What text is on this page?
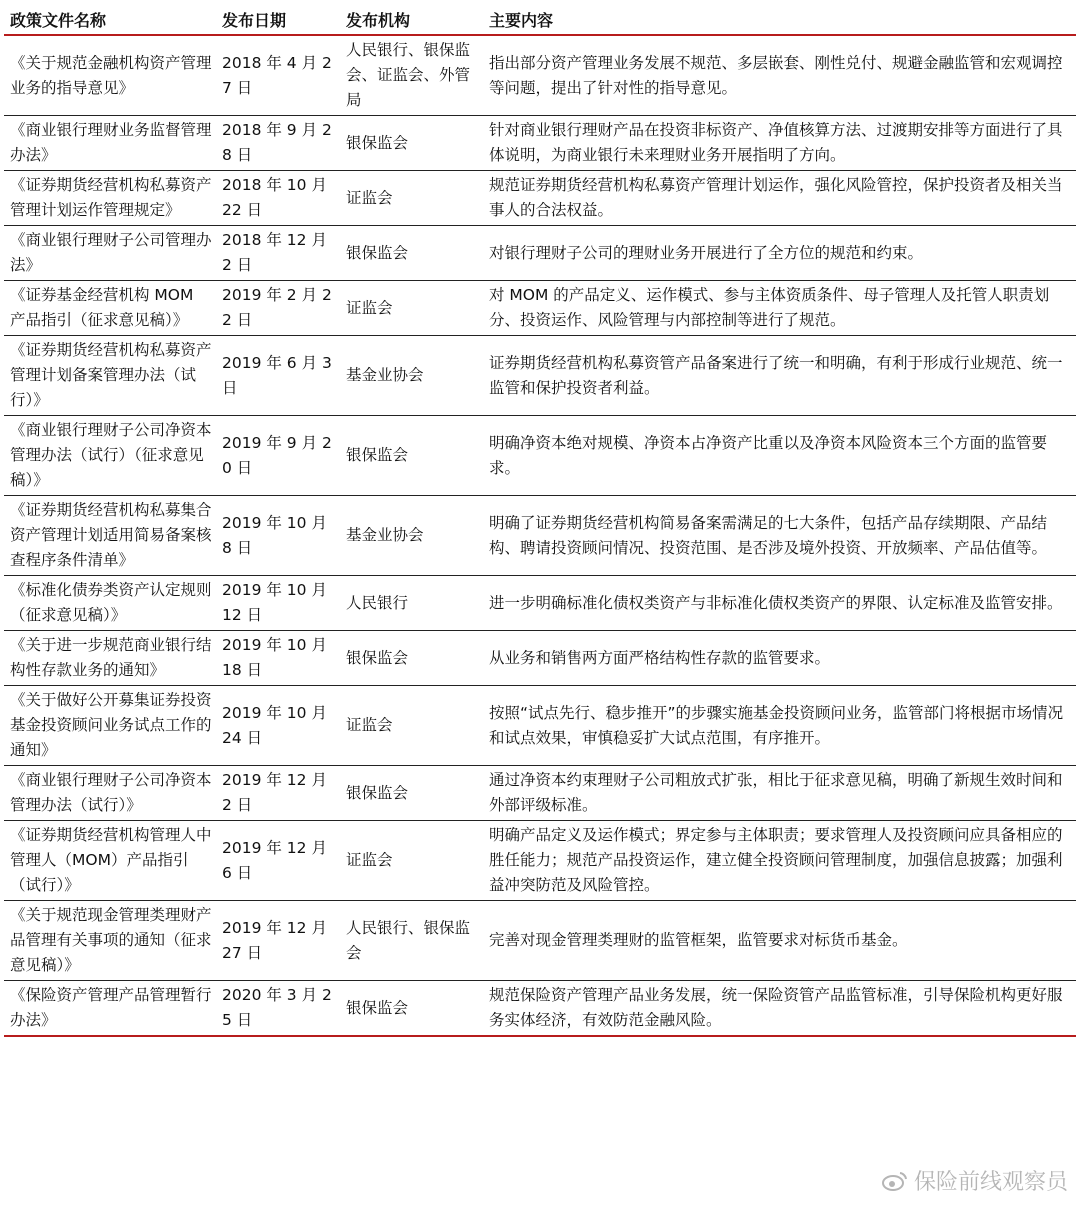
政策文件名称	发布日期	发布机构	主要内容
《关于规范金融机构资产管理业务的指导意见》	2018 年 4 月 27 日	人民银行、银保监会、证监会、外管局	指出部分资产管理业务发展不规范、多层嵌套、刚性兑付、规避金融监管和宏观调控等问题，提出了针对性的指导意见。
《商业银行理财业务监督管理办法》	2018 年 9 月 28 日	银保监会	针对商业银行理财产品在投资非标资产、净值核算方法、过渡期安排等方面进行了具体说明，为商业银行未来理财业务开展指明了方向。
《证券期货经营机构私募资产管理计划运作管理规定》	2018 年 10 月 22 日	证监会	规范证券期货经营机构私募资产管理计划运作，强化风险管控，保护投资者及相关当事人的合法权益。
《商业银行理财子公司管理办法》	2018 年 12 月 2 日	银保监会	对银行理财子公司的理财业务开展进行了全方位的规范和约束。
《证券基金经营机构 MOM 产品指引（征求意见稿）》	2019 年 2 月 22 日	证监会	对 MOM 的产品定义、运作模式、参与主体资质条件、母子管理人及托管人职责划分、投资运作、风险管理与内部控制等进行了规范。
《证券期货经营机构私募资产管理计划备案管理办法（试行）》	2019 年 6 月 3 日	基金业协会	证券期货经营机构私募资管产品备案进行了统一和明确，有利于形成行业规范、统一监管和保护投资者利益。
《商业银行理财子公司净资本管理办法（试行）（征求意见稿）》	2019 年 9 月 20 日	银保监会	明确净资本绝对规模、净资本占净资产比重以及净资本风险资本三个方面的监管要求。
《证券期货经营机构私募集合资产管理计划适用简易备案核查程序条件清单》	2019 年 10 月 8 日	基金业协会	明确了证券期货经营机构简易备案需满足的七大条件，包括产品存续期限、产品结构、聘请投资顾问情况、投资范围、是否涉及境外投资、开放频率、产品估值等。
《标准化债券类资产认定规则（征求意见稿）》	2019 年 10 月 12 日	人民银行	进一步明确标准化债权类资产与非标准化债权类资产的界限、认定标准及监管安排。
《关于进一步规范商业银行结构性存款业务的通知》	2019 年 10 月 18 日	银保监会	从业务和销售两方面严格结构性存款的监管要求。
《关于做好公开募集证券投资基金投资顾问业务试点工作的通知》	2019 年 10 月 24 日	证监会	按照“试点先行、稳步推开”的步骤实施基金投资顾问业务，监管部门将根据市场情况和试点效果，审慎稳妥扩大试点范围，有序推开。
《商业银行理财子公司净资本管理办法（试行）》	2019 年 12 月 2 日	银保监会	通过净资本约束理财子公司粗放式扩张，相比于征求意见稿，明确了新规生效时间和外部评级标准。
《证券期货经营机构管理人中管理人（MOM）产品指引（试行）》	2019 年 12 月 6 日	证监会	明确产品定义及运作模式；界定参与主体职责；要求管理人及投资顾问应具备相应的胜任能力；规范产品投资运作，建立健全投资顾问管理制度，加强信息披露；加强利益冲突防范及风险管控。
《关于规范现金管理类理财产品管理有关事项的通知（征求意见稿）》	2019 年 12 月 27 日	人民银行、银保监会	完善对现金管理类理财的监管框架，监管要求对标货币基金。
《保险资产管理产品管理暂行办法》	2020 年 3 月 25 日	银保监会	规范保险资产管理产品业务发展，统一保险资管产品监管标准，引导保险机构更好服务实体经济，有效防范金融风险。
保险前线观察员
